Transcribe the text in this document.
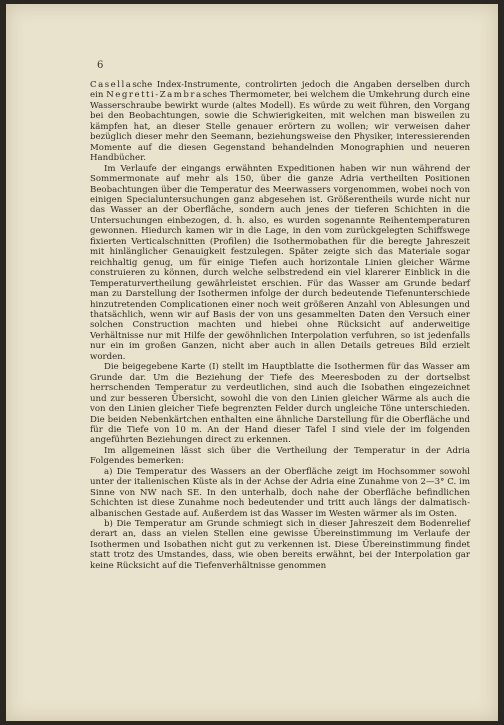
6

Casellasche Index-Instrumente, controlirten jedoch die Angaben derselben durch ein Negretti-Zambrasches Thermometer, bei welchem die Umkehrung durch eine Wasserschraube bewirkt wurde (altes Modell). Es würde zu weit führen, den Vorgang bei den Beobachtungen, sowie die Schwierigkeiten, mit welchen man bisweilen zu kämpfen hat, an dieser Stelle genauer erörtern zu wollen; wir verweisen daher bezüglich dieser mehr den Seemann, beziehungsweise den Physiker, interessierenden Momente auf die diesen Gegenstand behandelnden Monographien und neueren Handbücher.

Im Verlaufe der eingangs erwähnten Expeditionen haben wir nun während der Sommermonate auf mehr als 150, über die ganze Adria vertheilten Positionen Beobachtungen über die Temperatur des Meerwassers vorgenommen, wobei noch von einigen Specialuntersuchungen ganz abgesehen ist. Größerentheils wurde nicht nur das Wasser an der Oberfläche, sondern auch jenes der tieferen Schichten in die Untersuchungen einbezogen, d. h. also, es wurden sogenannte Reihentemperaturen gewonnen. Hiedurch kamen wir in die Lage, in den vom zurückgelegten Schiffswege fixierten Verticalschnitten (Profilen) die Isothermobathen für die beregte Jahreszeit mit hinlänglicher Genauigkeit festzulegen. Später zeigte sich das Materiale sogar reichhaltig genug, um für einige Tiefen auch horizontale Linien gleicher Wärme construieren zu können, durch welche selbstredend ein viel klarerer Einblick in die Temperaturvertheilung gewährleistet erschien. Für das Wasser am Grunde bedarf man zu Darstellung der Isothermen infolge der durch bedeutende Tiefenunterschiede hinzutretenden Complicationen einer noch weit größeren Anzahl von Ablesungen und thatsächlich, wenn wir auf Basis der von uns gesammelten Daten den Versuch einer solchen Construction machten und hiebei ohne Rücksicht auf anderweitige Verhältnisse nur mit Hilfe der gewöhnlichen Interpolation verfuhren, so ist jedenfalls nur ein im großen Ganzen, nicht aber auch in allen Details getreues Bild erzielt worden.

Die beigegebene Karte (I) stellt im Hauptblatte die Isothermen für das Wasser am Grunde dar. Um die Beziehung der Tiefe des Meeresboden zu der dortselbst herrschenden Temperatur zu verdeutlichen, sind auch die Isobathen eingezeichnet und zur besseren Übersicht, sowohl die von den Linien gleicher Wärme als auch die von den Linien gleicher Tiefe begrenzten Felder durch ungleiche Töne unterschieden. Die beiden Nebenkärtchen enthalten eine ähnliche Darstellung für die Oberfläche und für die Tiefe von 10 m. An der Hand dieser Tafel I sind viele der im folgenden angeführten Beziehungen direct zu erkennen.

Im allgemeinen lässt sich über die Vertheilung der Temperatur in der Adria Folgendes bemerken:

a) Die Temperatur des Wassers an der Oberfläche zeigt im Hochsommer sowohl unter der italienischen Küste als in der Achse der Adria eine Zunahme von 2—3° C. im Sinne von NW nach SE. In den unterhalb, doch nahe der Oberfläche befindlichen Schichten ist diese Zunahme noch bedeutender und tritt auch längs der dalmatisch-albanischen Gestade auf. Außerdem ist das Wasser im Westen wärmer als im Osten.

b) Die Temperatur am Grunde schmiegt sich in dieser Jahreszeit dem Bodenrelief derart an, dass an vielen Stellen eine gewisse Übereinstimmung im Verlaufe der Isothermen und Isobathen nicht gut zu verkennen ist. Diese Übereinstimmung findet statt trotz des Umstandes, dass, wie oben bereits erwähnt, bei der Interpolation gar keine Rücksicht auf die Tiefenverhältnisse genommen
